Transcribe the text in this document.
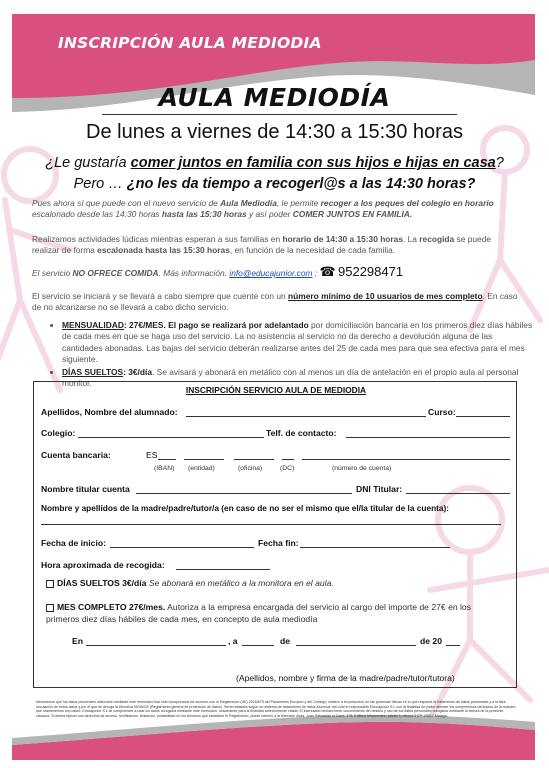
INSCRIPCIÓN AULA MEDIODIA
AULA MEDIODÍA
De lunes a viernes de 14:30 a 15:30 horas
¿Le gustaría comer juntos en familia con sus hijos e hijas en casa?
Pero … ¿no les da tiempo a recogerl@s a las 14:30 horas?
Pues ahora sí que puede con el nuevo servicio de Aula Mediodía, le permite recoger a los peques del colegio en horario escalonado desde las 14:30 horas hasta las 15:30 horas y así poder COMER JUNTOS EN FAMILIA.
Realizamos actividades lúdicas mientras esperan a sus familias en horario de 14:30 a 15:30 horas. La recogida se puede realizar de forma escalonada hasta las 15:30 horas, en función de la necesidad de cada familia.
El servicio NO OFRECE COMIDA. Más información. info@educajunior.com ; ☎ 952298471
El servicio se iniciará y se llevará a cabo siempre que cuente con un número mínimo de 10 usuarios de mes completo. En caso de no alcanzarse no se llevará a cabo dicho servicio.
• MENSUALIDAD: 27€/MES. El pago se realizará por adelantado por domiciliación bancaria en los primeros diez días hábiles de cada mes en que se haga uso del servicio. La no asistencia al servicio no da derecho a devolución alguna de las cantidades abonadas. Las bajas del servicio deberán realizarse antes del 25 de cada mes para que sea efectiva para el mes siguiente.
• DÍAS SUELTOS: 3€/día. Se avisará y abonará en metálico con al menos un día de antelación en el propio aula al personal monitor.
INSCRIPCIÓN SERVICIO AULA DE MEDIODIA
Apellidos, Nombre del alumnado:	Curso:
Colegio:	Telf. de contacto:
Cuenta bancaria:	ES
(IBAN) (entidad)	(oficina)	(DC)	(número de cuenta)
Nombre titular cuenta	DNI Titular:
Nombre y apellidos de la madre/padre/tutor/a (en caso de no ser el mismo que el/la titular de la cuenta):
Fecha de inicio:	Fecha fin:
Hora aproximada de recogida:
DÍAS SUELTOS 3€/día Se abonará en metálico a la monitora en el aula.
MES COMPLETO 27€/mes. Autoriza a la empresa encargada del servicio al cargo del importe de 27€ en los primeros diez días hábiles de cada mes, en concepto de aula mediodía
En	, a	de	de 20
(Apellidos, nombre y firma de la madre/padre/tutor/tutora)
Informamos que los datos personales obtenidos mediante este formulario han sido incorporados de acuerdo con el Reglamento (UE) 2016/679 del Parlamento Europeo y del Consejo, relativo a la protección de las personas físicas en lo que respecta al tratamiento de datos personales y a la libre circulación de estos datos y por el que se deroga la Directiva 95/46/CE (Reglamento general de protección de datos). Serán tratados según un sistema de tratamiento de datos Alumnos, del cual el responsable Educajunior S.L con la finalidad de poder atender los compromisos derivados de la relación que mantenemos con usted. Educajunior S.L se compromete a usar los datos recogidos mediante este formulario, únicamente para la finalidad anteriormente citada. El interesado declara tener conocimiento del destino y uso de los datos personales recogidos mediante la lectura de la presente cláusula. Si desea ejercer sus derechos de acceso, rectificación, limitación, portabilidad en los términos que establece el Reglamento, puede hacerlo a la dirección Avda. Juan Sebastián el Cano, 178. Edificio Miramontes, planta 3, oficina 3 CP: 29017 Málaga.
